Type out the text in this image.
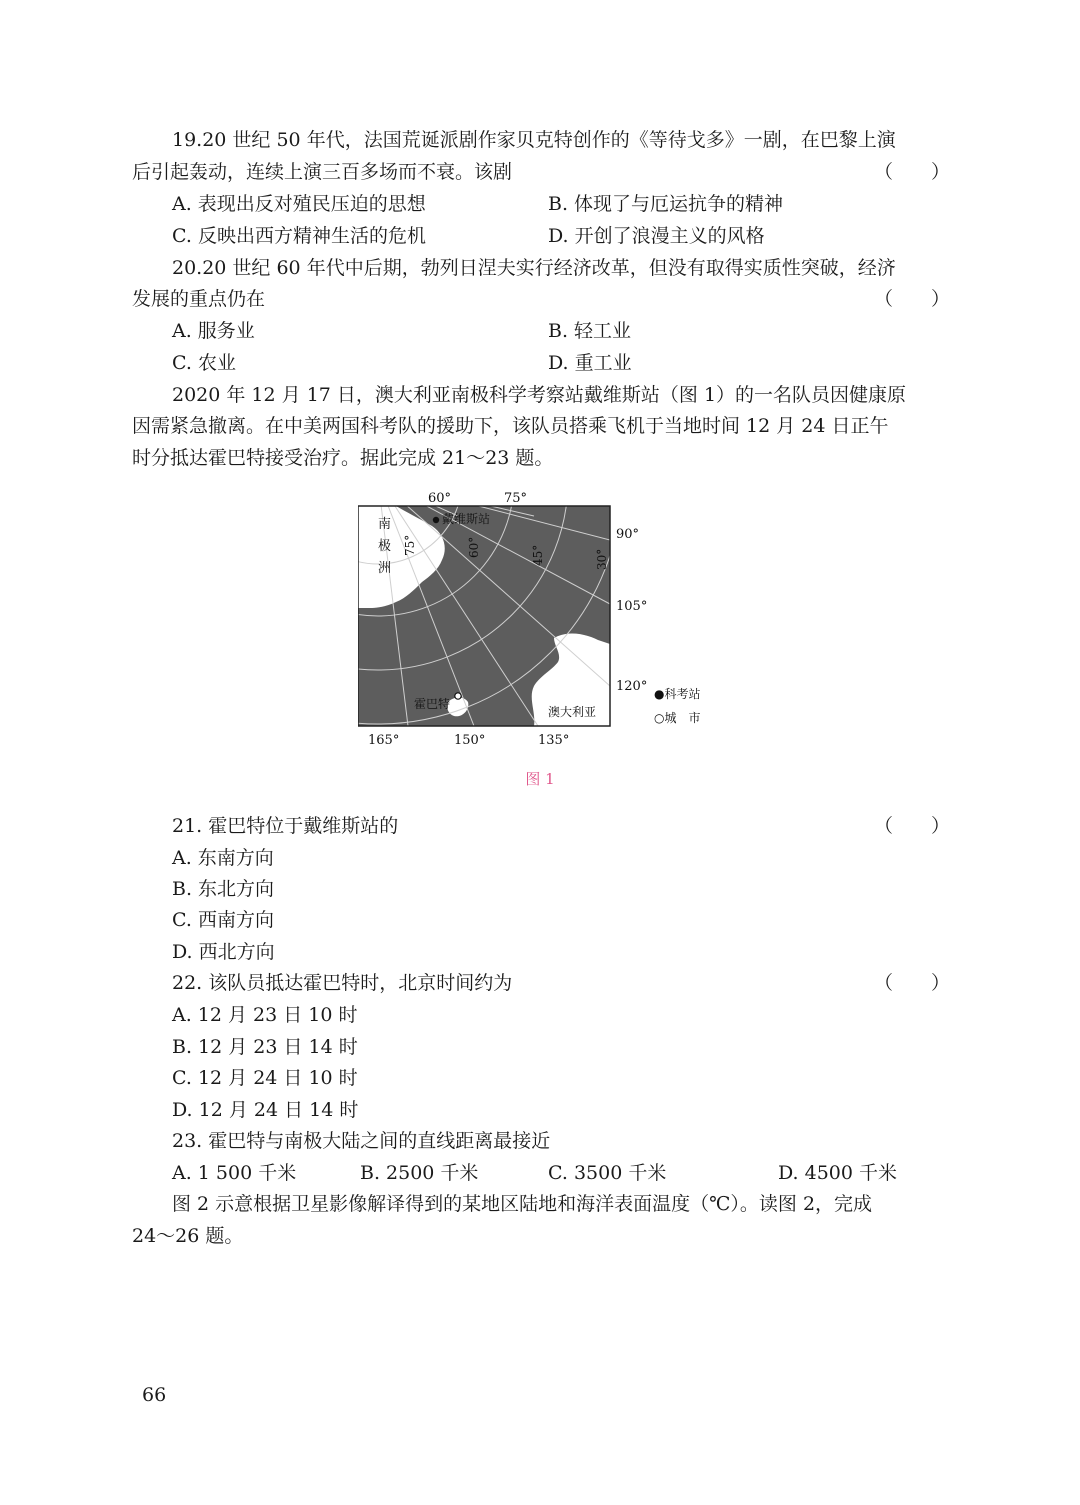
19.20 世纪 50 年代，法国荒诞派剧作家贝克特创作的《等待戈多》一剧，在巴黎上演
后引起轰动，连续上演三百多场而不衰。该剧	（　　）
A. 表现出反对殖民压迫的思想	B. 体现了与厄运抗争的精神
C. 反映出西方精神生活的危机	D. 开创了浪漫主义的风格
20.20 世纪 60 年代中后期，勃列日涅夫实行经济改革，但没有取得实质性突破，经济
发展的重点仍在	（　　）
A. 服务业	B. 轻工业
C. 农业	D. 重工业
2020 年 12 月 17 日，澳大利亚南极科学考察站戴维斯站（图 1）的一名队员因健康原
因需紧急撤离。在中美两国科考队的援助下，该队员搭乘飞机于当地时间 12 月 24 日正午
时分抵达霍巴特接受治疗。据此完成 21～23 题。
60°	75°
90°
105°
120°
165°	150°	135°
南
极
洲
戴维斯站
霍巴特
澳大利亚
75°	60°	45°	30°
●科考站
○城　市
图 1
21. 霍巴特位于戴维斯站的	（　　）
A. 东南方向
B. 东北方向
C. 西南方向
D. 西北方向
22. 该队员抵达霍巴特时，北京时间约为	（　　）
A. 12 月 23 日 10 时
B. 12 月 23 日 14 时
C. 12 月 24 日 10 时
D. 12 月 24 日 14 时
23. 霍巴特与南极大陆之间的直线距离最接近
A. 1 500 千米	B. 2500 千米	C. 3500 千米	D. 4500 千米
图 2 示意根据卫星影像解译得到的某地区陆地和海洋表面温度（℃）。读图 2，完成
24～26 题。
66
